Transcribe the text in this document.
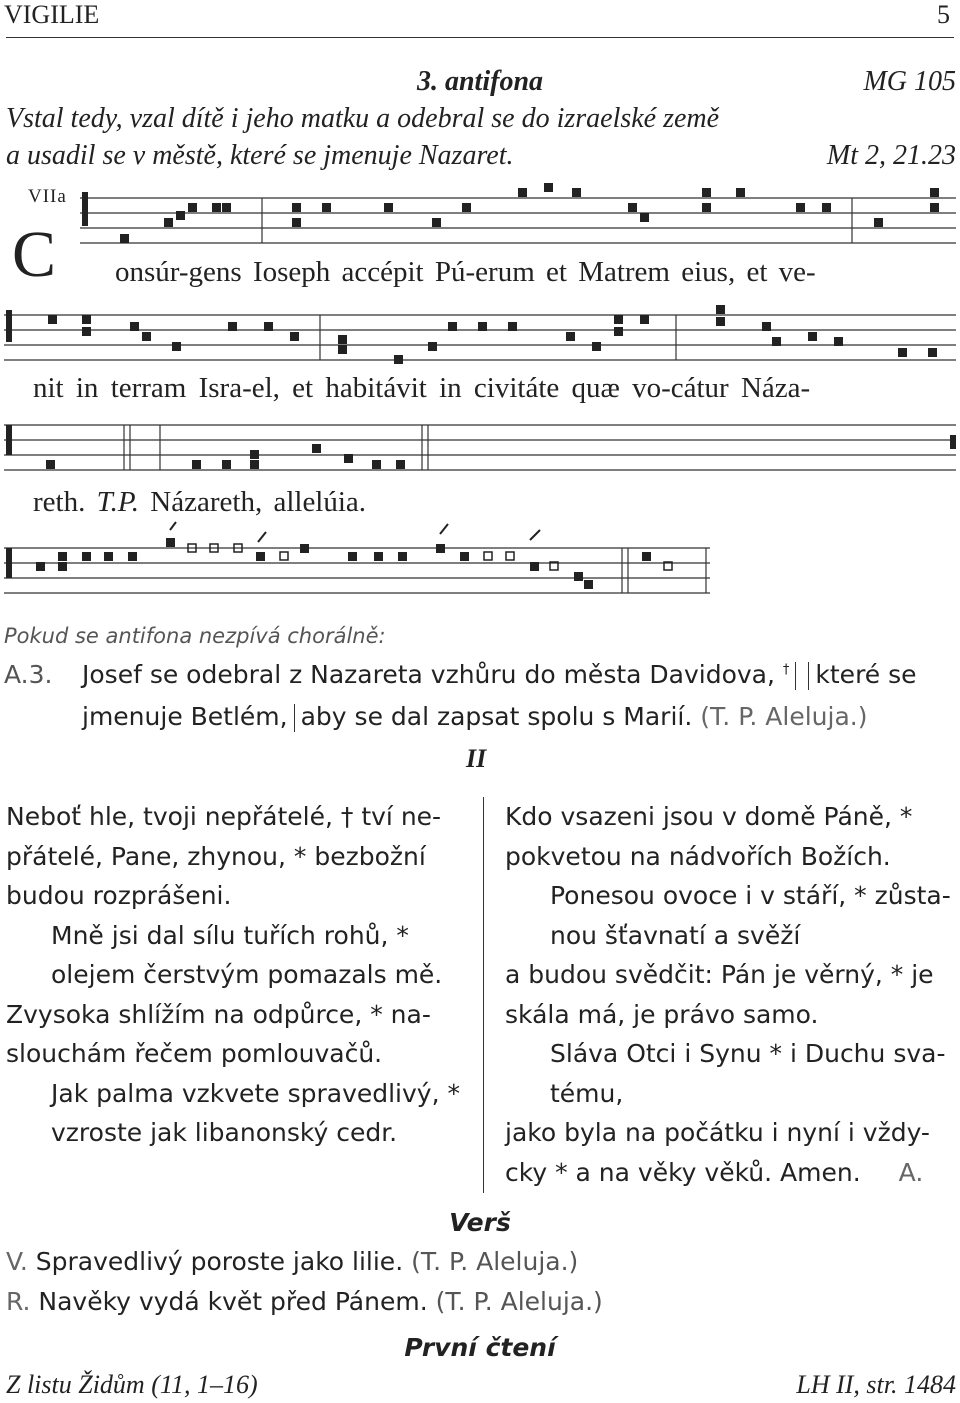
VIGILIE	5
3. antifona	MG 105
Vstal tedy, vzal dítě i jeho matku a odebral se do izraelské země
a usadil se v městě, které se jmenuje Nazaret.	Mt 2, 21.23
VIIa
C onsúr-gens Ioseph accépit Pú-erum et Matrem eius, et ve-
nit in terram Isra-el, et habitávit in civitáte quæ vo-cátur Náza-
reth. T.P. Názareth, allelúia.
Pokud se antifona nezpívá chorálně:
A.3. Josef se odebral z Nazareta vzhůru do města Davidova, † které se
jmenuje Betlém, aby se dal zapsat spolu s Marií. (T. P. Aleluja.)
II
Neboť hle, tvoji nepřátelé, † tví ne-
přátelé, Pane, zhynou, * bezbožní
budou rozprášeni.
Mně jsi dal sílu tuřích rohů, *
olejem čerstvým pomazals mě.
Zvysoka shlížím na odpůrce, * na-
slouchám řečem pomlouvačů.
Jak palma vzkvete spravedlivý, *
vzroste jak libanonský cedr.
Kdo vsazeni jsou v domě Páně, *
pokvetou na nádvořích Božích.
Ponesou ovoce i v stáří, * zůsta-
nou šťavnatí a svěží
a budou svědčit: Pán je věrný, * je
skála má, je právo samo.
Sláva Otci i Synu * i Duchu sva-
tému,
jako byla na počátku i nyní i vždy-
cky * a na věky věků. Amen. A.
Verš
V. Spravedlivý poroste jako lilie. (T. P. Aleluja.)
R. Navěky vydá květ před Pánem. (T. P. Aleluja.)
První čtení
Z listu Židům (11, 1–16)	LH II, str. 1484
